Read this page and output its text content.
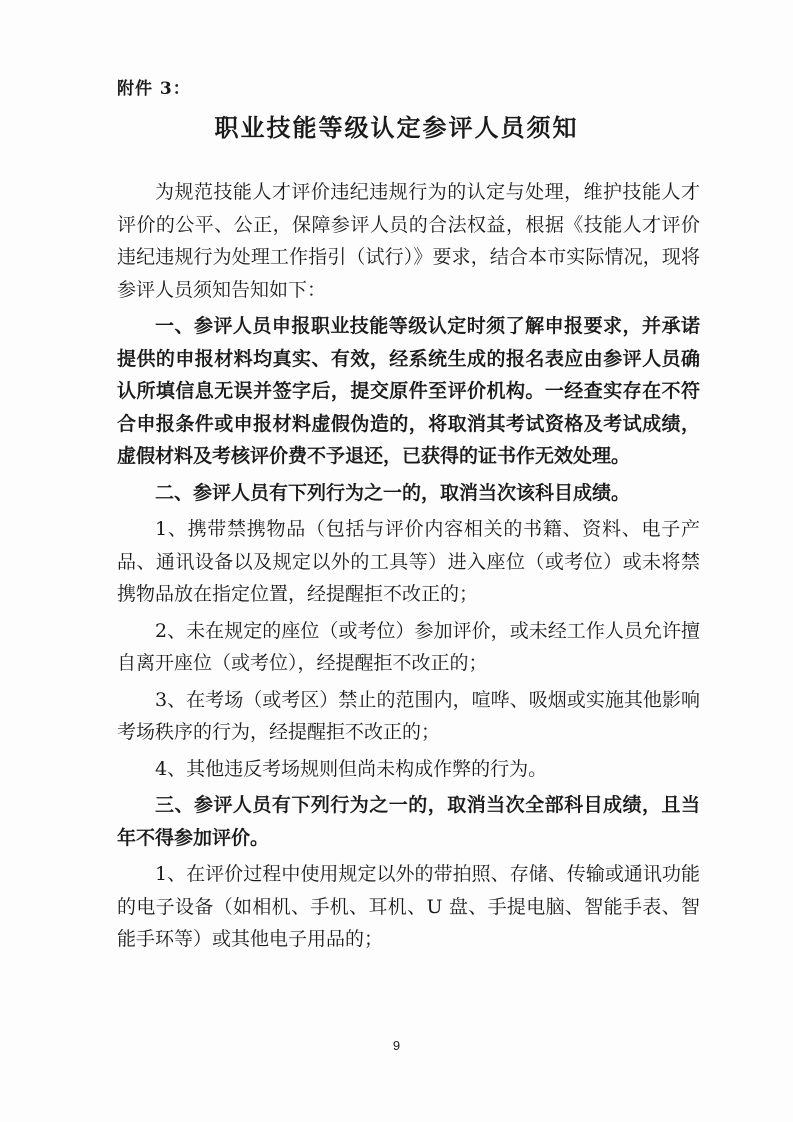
附件 3：
职业技能等级认定参评人员须知

为规范技能人才评价违纪违规行为的认定与处理，维护技能人才评价的公平、公正，保障参评人员的合法权益，根据《技能人才评价违纪违规行为处理工作指引（试行）》要求，结合本市实际情况，现将参评人员须知告知如下：

一、参评人员申报职业技能等级认定时须了解申报要求，并承诺提供的申报材料均真实、有效，经系统生成的报名表应由参评人员确认所填信息无误并签字后，提交原件至评价机构。一经查实存在不符合申报条件或申报材料虚假伪造的，将取消其考试资格及考试成绩，虚假材料及考核评价费不予退还，已获得的证书作无效处理。

二、参评人员有下列行为之一的，取消当次该科目成绩。

1、携带禁携物品（包括与评价内容相关的书籍、资料、电子产品、通讯设备以及规定以外的工具等）进入座位（或考位）或未将禁携物品放在指定位置，经提醒拒不改正的；

2、未在规定的座位（或考位）参加评价，或未经工作人员允许擅自离开座位（或考位），经提醒拒不改正的；

3、在考场（或考区）禁止的范围内，喧哗、吸烟或实施其他影响考场秩序的行为，经提醒拒不改正的；

4、其他违反考场规则但尚未构成作弊的行为。

三、参评人员有下列行为之一的，取消当次全部科目成绩，且当年不得参加评价。

1、在评价过程中使用规定以外的带拍照、存储、传输或通讯功能的电子设备（如相机、手机、耳机、U 盘、手提电脑、智能手表、智能手环等）或其他电子用品的；

9
